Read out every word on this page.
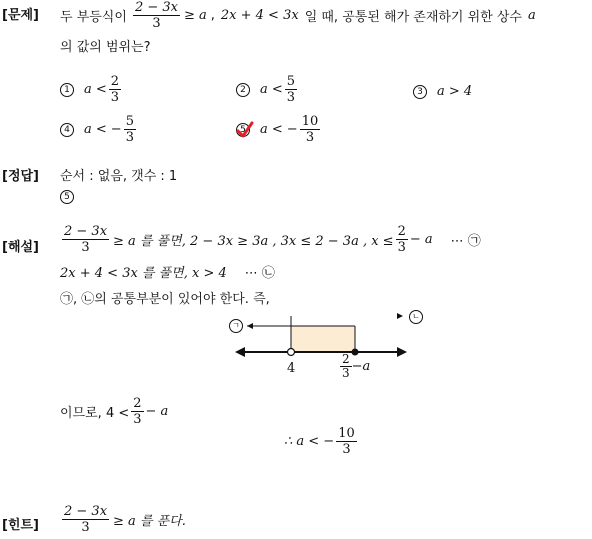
[문제] 두 부등식이 $\frac{2 - 3x}{3} \ge a$ , 2x + 4 < 3x 일 때, 공통된 해가 존재하기 위한 상수 a
의 값의 범위는?
1	$a < \frac{2}{3}$	2	$a < \frac{5}{3}$	3	a > 4
4	a < − $\frac{5}{3}$	5	a < − $\frac{10}{3}$
[정답] 순서 : 없음, 갯수 : 1
5
[해설] $\frac{2 - 3x}{3} \ge a$ 를 풀면, 2 − 3x ≥ 3a , 3x ≤ 2 − 3a , $x \le \frac{2}{3} - a$ ⋯ ㉠
2x + 4 < 3x 를 풀면, x > 4 ⋯ ㉡
㉠, ㉡의 공통부분이 있어야 한다. 즉,
ㄱ
ㄴ
4	$\frac{2}{3} -a$
이므로, $4 < \frac{2}{3} - a$
∴ a < − $\frac{10}{3}$
[힌트] $\frac{2 - 3x}{3} \ge a$ 를 푼다.
